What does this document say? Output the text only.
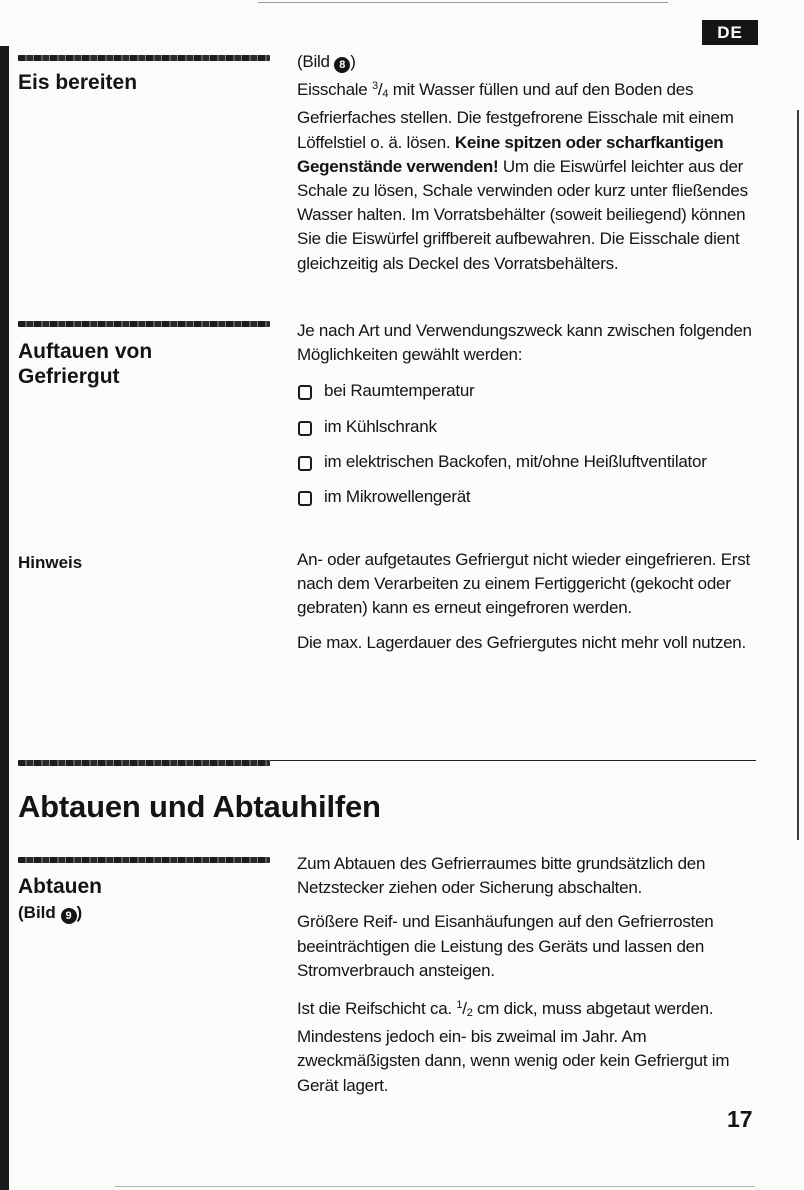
DE
Eis bereiten

(Bild 8 )
Eisschale $^3$/4 mit Wasser füllen und auf den Boden des Gefrierfaches stellen. Die festgefrorene Eisschale mit einem Löffelstiel o. ä. lösen. Keine spitzen oder scharfkantigen Gegenstände verwenden! Um die Eiswürfel leichter aus der Schale zu lösen, Schale verwinden oder kurz unter fließendes Wasser halten. Im Vorratsbehälter (soweit beiliegend) können Sie die Eiswürfel griffbereit aufbewahren. Die Eisschale dient gleichzeitig als Deckel des Vorratsbehälters.

Auftauen von
Gefriergut

Je nach Art und Verwendungszweck kann zwischen folgenden Möglichkeiten gewählt werden:

bei Raumtemperatur
im Kühlschrank
im elektrischen Backofen, mit/ohne Heißluftventilator
im Mikrowellengerät
Hinweis	An- oder aufgetautes Gefriergut nicht wieder eingefrieren. Erst nach dem Verarbeiten zu einem Fertiggericht (gekocht oder gebraten) kann es erneut eingefroren werden.

Die max. Lagerdauer des Gefriergutes nicht mehr voll nutzen.

Abtauen und Abtauhilfen
Abtauen
(Bild 9 )

Zum Abtauen des Gefrierraumes bitte grundsätzlich den Netzstecker ziehen oder Sicherung abschalten.

Größere Reif- und Eisanhäufungen auf den Gefrierrosten beeinträchtigen die Leistung des Geräts und lassen den Stromverbrauch ansteigen.

Ist die Reifschicht ca. $^1$/2 cm dick, muss abgetaut werden. Mindestens jedoch ein- bis zweimal im Jahr. Am zweckmäßigsten dann, wenn wenig oder kein Gefriergut im Gerät lagert.

17
